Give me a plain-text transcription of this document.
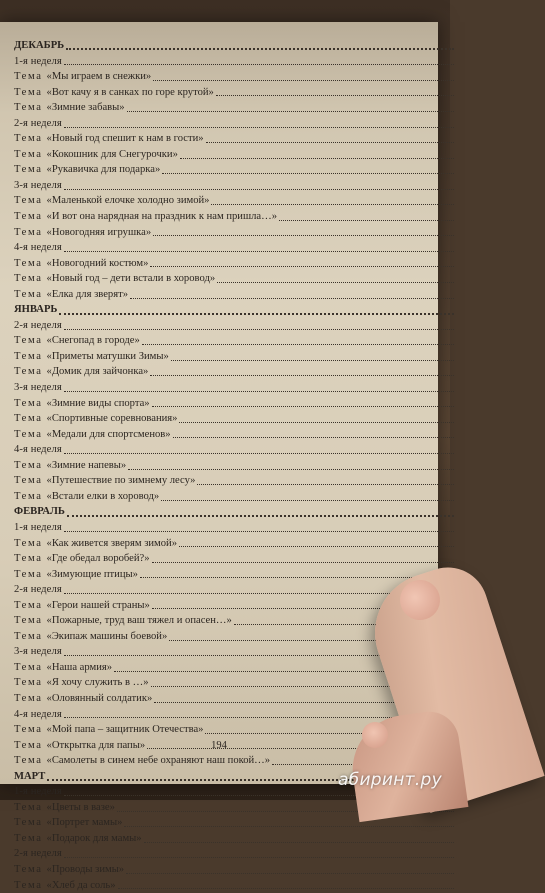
ДЕКАБРЬ
1-я неделя
Тема «Мы играем в снежки»
Тема «Вот качу я в санках по горе крутой»
Тема «Зимние забавы»
2-я неделя
Тема «Новый год спешит к нам в гости»
Тема «Кокошник для Снегурочки»
Тема «Рукавичка для подарка»
3-я неделя
Тема «Маленькой елочке холодно зимой»
Тема «И вот она нарядная на праздник к нам пришла…»
Тема «Новогодняя игрушка»
4-я неделя
Тема «Новогодний костюм»
Тема «Новый год – дети встали в хоровод»
Тема «Елка для зверят»
ЯНВАРЬ
2-я неделя
Тема «Снегопад в городе»
Тема «Приметы матушки Зимы»
Тема «Домик для зайчонка»
3-я неделя
Тема «Зимние виды спорта»
Тема «Спортивные соревнования»
Тема «Медали для спортсменов»
4-я неделя
Тема «Зимние напевы»
Тема «Путешествие по зимнему лесу»
Тема «Встали елки в хоровод»
ФЕВРАЛЬ
1-я неделя
Тема «Как живется зверям зимой»
Тема «Где обедал воробей?»
Тема «Зимующие птицы»
2-я неделя
Тема «Герои нашей страны»
Тема «Пожарные, труд ваш тяжел и опасен…»
Тема «Экипаж машины боевой»
3-я неделя
Тема «Наша армия»
Тема «Я хочу служить в …»
Тема «Оловянный солдатик»
4-я неделя
Тема «Мой папа – защитник Отечества»
Тема «Открытка для папы»
Тема «Самолеты в синем небе охраняют наш покой…»
МАРТ
1-я неделя
Тема «Цветы в вазе»
Тема «Портрет мамы»
Тема «Подарок для мамы»
2-я неделя
Тема «Проводы зимы»
Тема «Хлеб да соль»
194
абиринт.ру
